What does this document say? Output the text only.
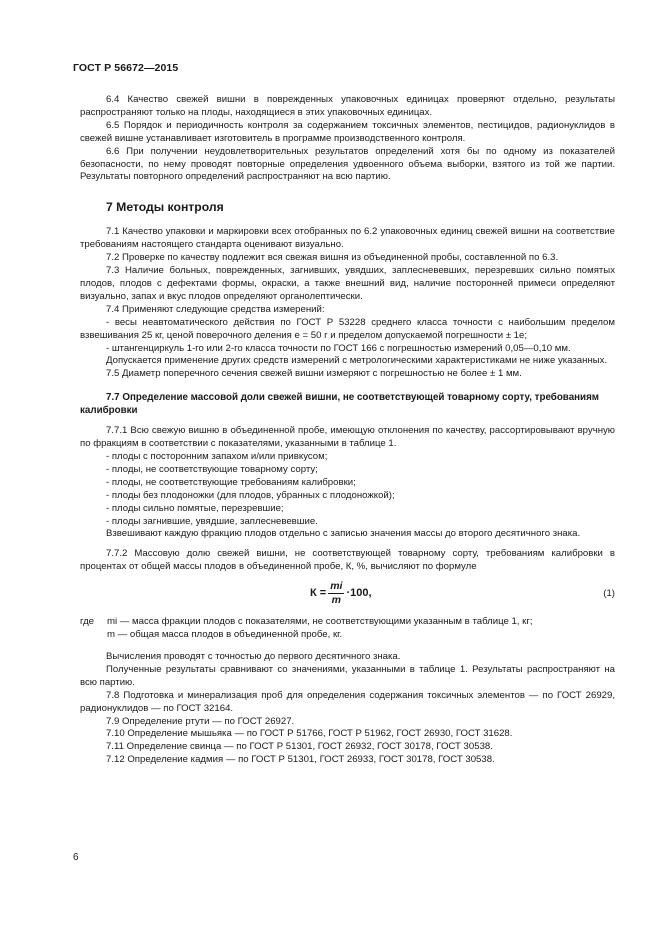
ГОСТ Р 56672—2015

6.4 Качество свежей вишни в поврежденных упаковочных единицах проверяют отдельно, результаты распространяют только на плоды, находящиеся в этих упаковочных единицах.

6.5 Порядок и периодичность контроля за содержанием токсичных элементов, пестицидов, радионуклидов в свежей вишне устанавливает изготовитель в программе производственного контроля.

6.6 При получении неудовлетворительных результатов определений хотя бы по одному из показателей безопасности, по нему проводят повторные определения удвоенного объема выборки, взятого из той же партии. Результаты повторного определений распространяют на всю партию.

7 Методы контроля

7.1 Качество упаковки и маркировки всех отобранных по 6.2 упаковочных единиц свежей вишни на соответствие требованиям настоящего стандарта оценивают визуально.

7.2 Проверке по качеству подлежит вся свежая вишня из объединенной пробы, составленной по 6.3.

7.3 Наличие больных, поврежденных, загнивших, увядших, заплесневевших, перезревших сильно помятых плодов, плодов с дефектами формы, окраски, а также внешний вид, наличие посторонней примеси определяют визуально, запах и вкус плодов определяют органолептически.

7.4 Применяют следующие средства измерений:

- весы неавтоматического действия по ГОСТ Р 53228 среднего класса точности с наибольшим пределом взвешивания 25 кг, ценой поверочного деления е = 50 г и пределом допускаемой погрешности ± 1е;

- штангенциркуль 1-го или 2-го класса точности по ГОСТ 166 с погрешностью измерений 0,05—0,10 мм.

Допускается применение других средств измерений с метрологическими характеристиками не ниже указанных.

7.5 Диаметр поперечного сечения свежей вишни измеряют с погрешностью не более ± 1 мм.

7.7 Определение массовой доли свежей вишни, не соответствующей товарному сорту, требованиям калибровки

7.7.1 Всю свежую вишню в объединенной пробе, имеющую отклонения по качеству, рассортировывают вручную по фракциям в соответствии с показателями, указанными в таблице 1.

- плоды с посторонним запахом и/или привкусом;

- плоды, не соответствующие товарному сорту;

- плоды, не соответствующие требованиям калибровки;

- плоды без плодоножки (для плодов, убранных с плодоножкой);

- плоды сильно помятые, перезревшие;

- плоды загнившие, увядшие, заплесневевшие.

Взвешивают каждую фракцию плодов отдельно с записью значения массы до второго десятичного знака.

7.7.2 Массовую долю свежей вишни, не соответствующей товарному сорту, требованиям калибровки в процентах от общей массы плодов в объединенной пробе, К, %, вычисляют по формуле

$К = \frac{mi}{m} \cdot 100$,	(1)
где	mi — масса фракции плодов с показателями, не соответствующими указанным в таблице 1, кг;

m — общая масса плодов в объединенной пробе, кг.

Вычисления проводят с точностью до первого десятичного знака.

Полученные результаты сравнивают со значениями, указанными в таблице 1. Результаты распространяют на всю партию.

7.8 Подготовка и минерализация проб для определения содержания токсичных элементов — по ГОСТ 26929, радионуклидов — по ГОСТ 32164.

7.9 Определение ртути — по ГОСТ 26927.

7.10 Определение мышьяка — по ГОСТ Р 51766, ГОСТ Р 51962, ГОСТ 26930, ГОСТ 31628.

7.11 Определение свинца — по ГОСТ Р 51301, ГОСТ 26932, ГОСТ 30178, ГОСТ 30538.

7.12 Определение кадмия — по ГОСТ Р 51301, ГОСТ 26933, ГОСТ 30178, ГОСТ 30538.

6
